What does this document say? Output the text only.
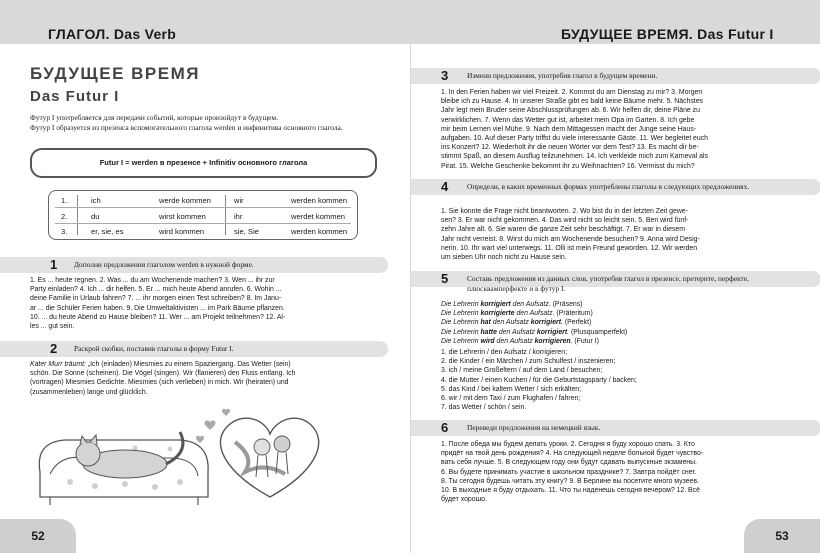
ГЛАГОЛ. Das Verb
БУДУЩЕЕ ВРЕМЯ
Das Futur I
Футур I употребляется для передачи событий, которые произойдут в будущем.
Футур I образуется из презенса вспомогательного глагола werden и инфинитива основного глагола.
Futur I = werden в презенсе + Infinitiv основного глагола
1.	ich	werde kommen	wir	werden kommen
2.	du	wirst kommen	ihr	werdet kommen
3.	er, sie, es	wird kommen	sie, Sie	werden kommen
1 Дополни предложения глаголом werden в нужной форме.
1. Es ... heute regnen. 2. Was ... du am Wochenende machen? 3. Wen ... ihr zur
Party einladen? 4. Ich ... dir helfen. 5. Er ... mich heute Abend anrufen. 6. Wohin ...
deine Familie in Urlaub fahren? 7. ... ihr morgen einen Test schreiben? 8. Im Janu-
ar ... die Schüler Ferien haben. 9. Die Umweltaktivisten ... im Park Bäume pflanzen.
10. ... du heute Abend zu Hause bleiben? 11. Wer ... am Projekt teilnehmen? 12. Al-
les ... gut sein.
2 Раскрой скобки, поставив глаголы в форму Futur I.
Kater Murr träumt: „Ich (einladen) Miesmies zu einem Spaziergang. Das Wetter (sein)
schön. Die Sonne (scheinen). Die Vögel (singen). Wir (flanieren) den Fluss entlang. Ich
(vortragen) Miesmies Gedichte. Miesmies (sich verlieben) in mich. Wir (heiraten) und
(zusammenleben) lange und glücklich.
52
БУДУЩЕЕ ВРЕМЯ. Das Futur I
3	Измени предложения, употребив глагол в будущем времени.
1. In den Ferien haben wir viel Freizeit. 2. Kommst du am Dienstag zu mir? 3. Morgen
bleibe ich zu Hause. 4. In unserer Straße gibt es bald keine Bäume mehr. 5. Nächstes
Jahr legt mein Bruder seine Abschlussprüfungen ab. 6. Wir helfen dir, deine Pläne zu
verwirklichen. 7. Wenn das Wetter gut ist, arbeitet mein Opa im Garten. 8. Ich gebe
mir beim Lernen viel Mühe. 9. Nach dem Mittagessen macht der Junge seine Haus-
aufgaben. 10. Auf dieser Party triffst du viele interessante Gäste. 11. Wer begleitet euch
ins Konzert? 12. Wiederholt ihr die neuen Wörter vor dem Test? 13. Es macht dir be-
stimmt Spaß, an diesem Ausflug teilzunehmen. 14. Ich verkleide mich zum Karneval als
Pirat. 15. Welche Geschenke bekommt ihr zu Weihnachten? 16. Vermisst du mich?
4	Определи, в каких временных формах употреблены глаголы в следующих предложениях.
1. Sie konnte die Frage nicht beantworten. 2. Wo bist du in der letzten Zeit gewe-
sen? 3. Er war nicht gekommen. 4. Das wird nicht so leicht sein. 5. Ben wird fünf-
zehn Jahre alt. 6. Sie waren die ganze Zeit sehr beschäftigt. 7. Er war in diesem
Jahr nicht verreist. 8. Wirst du mich am Wochenende besuchen? 9. Anna wird Desig-
nerin. 10. Ihr wart viel unterwegs. 11. Olli ist mein Freund geworden. 12. Wir werden
um sieben Uhr noch nicht zu Hause sein.
5	Составь предложения из данных слов, употребив глагол в презенсе, претерите, перфекте, плюсквамперфекте и в футур I.
Die Lehrerin korrigiert den Aufsatz. (Präsens)
Die Lehrerin korrigierte den Aufsatz. (Präteritum)
Die Lehrerin hat den Aufsatz korrigiert. (Perfekt)
Die Lehrerin hatte den Aufsatz korrigiert. (Plusquamperfekt)
Die Lehrerin wird den Aufsatz korrigieren. (Futur I)
1. die Lehrerin / den Aufsatz / korrigieren;
2. die Kinder / ein Märchen / zum Schulfest / inszenieren;
3. ich / meine Großeltern / auf dem Land / besuchen;
4. die Mutter / einen Kuchen / für die Geburtstagsparty / backen;
5. das Kind / bei kaltem Wetter / sich erkälten;
6. wir / mit dem Taxi / zum Flughafen / fahren;
7. das Wetter / schön / sein.
6	Переведи предложения на немецкий язык.
1. После обеда мы будем делать уроки. 2. Сегодня я буду хорошо спать. 3. Кто
придёт на твой день рождения? 4. На следующей неделе больной будет чувство-
вать себя лучше. 5. В следующем году они будут сдавать выпускные экзамены.
6. Вы будете принимать участие в школьном празднике? 7. Завтра пойдёт снег.
8. Ты сегодня будешь читать эту книгу? 9. В Берлине вы посетите много музеев.
10. В выходные я буду отдыхать. 11. Что ты наденешь сегодня вечером? 12. Всё
будет хорошо.
53
